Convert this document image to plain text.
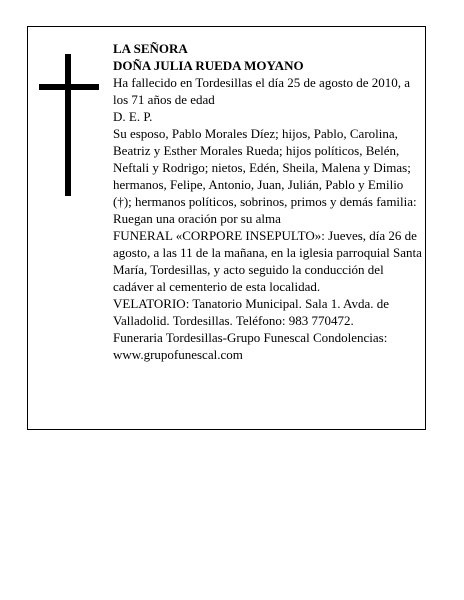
LA SEÑORA

DOÑA JULIA RUEDA MOYANO

Ha fallecido en Tordesillas el día 25 de agosto de 2010, a los 71 años de edad

D. E. P.

Su esposo, Pablo Morales Díez; hijos, Pablo, Carolina, Beatriz y Esther Morales Rueda; hijos políticos, Belén, Neftali y Rodrigo; nietos, Edén, Sheila, Malena y Dimas; hermanos, Felipe, Antonio, Juan, Julián, Pablo y Emilio (†); hermanos políticos, sobrinos, primos y demás familia:

Ruegan una oración por su alma

FUNERAL «CORPORE INSEPULTO»: Jueves, día 26 de agosto, a las 11 de la mañana, en la iglesia parroquial Santa María, Tordesillas, y acto seguido la conducción del cadáver al cementerio de esta localidad.

VELATORIO: Tanatorio Municipal. Sala 1. Avda. de Valladolid. Tordesillas. Teléfono: 983 770472.

Funeraria Tordesillas-Grupo Funescal Condolencias: www.grupofunescal.com
